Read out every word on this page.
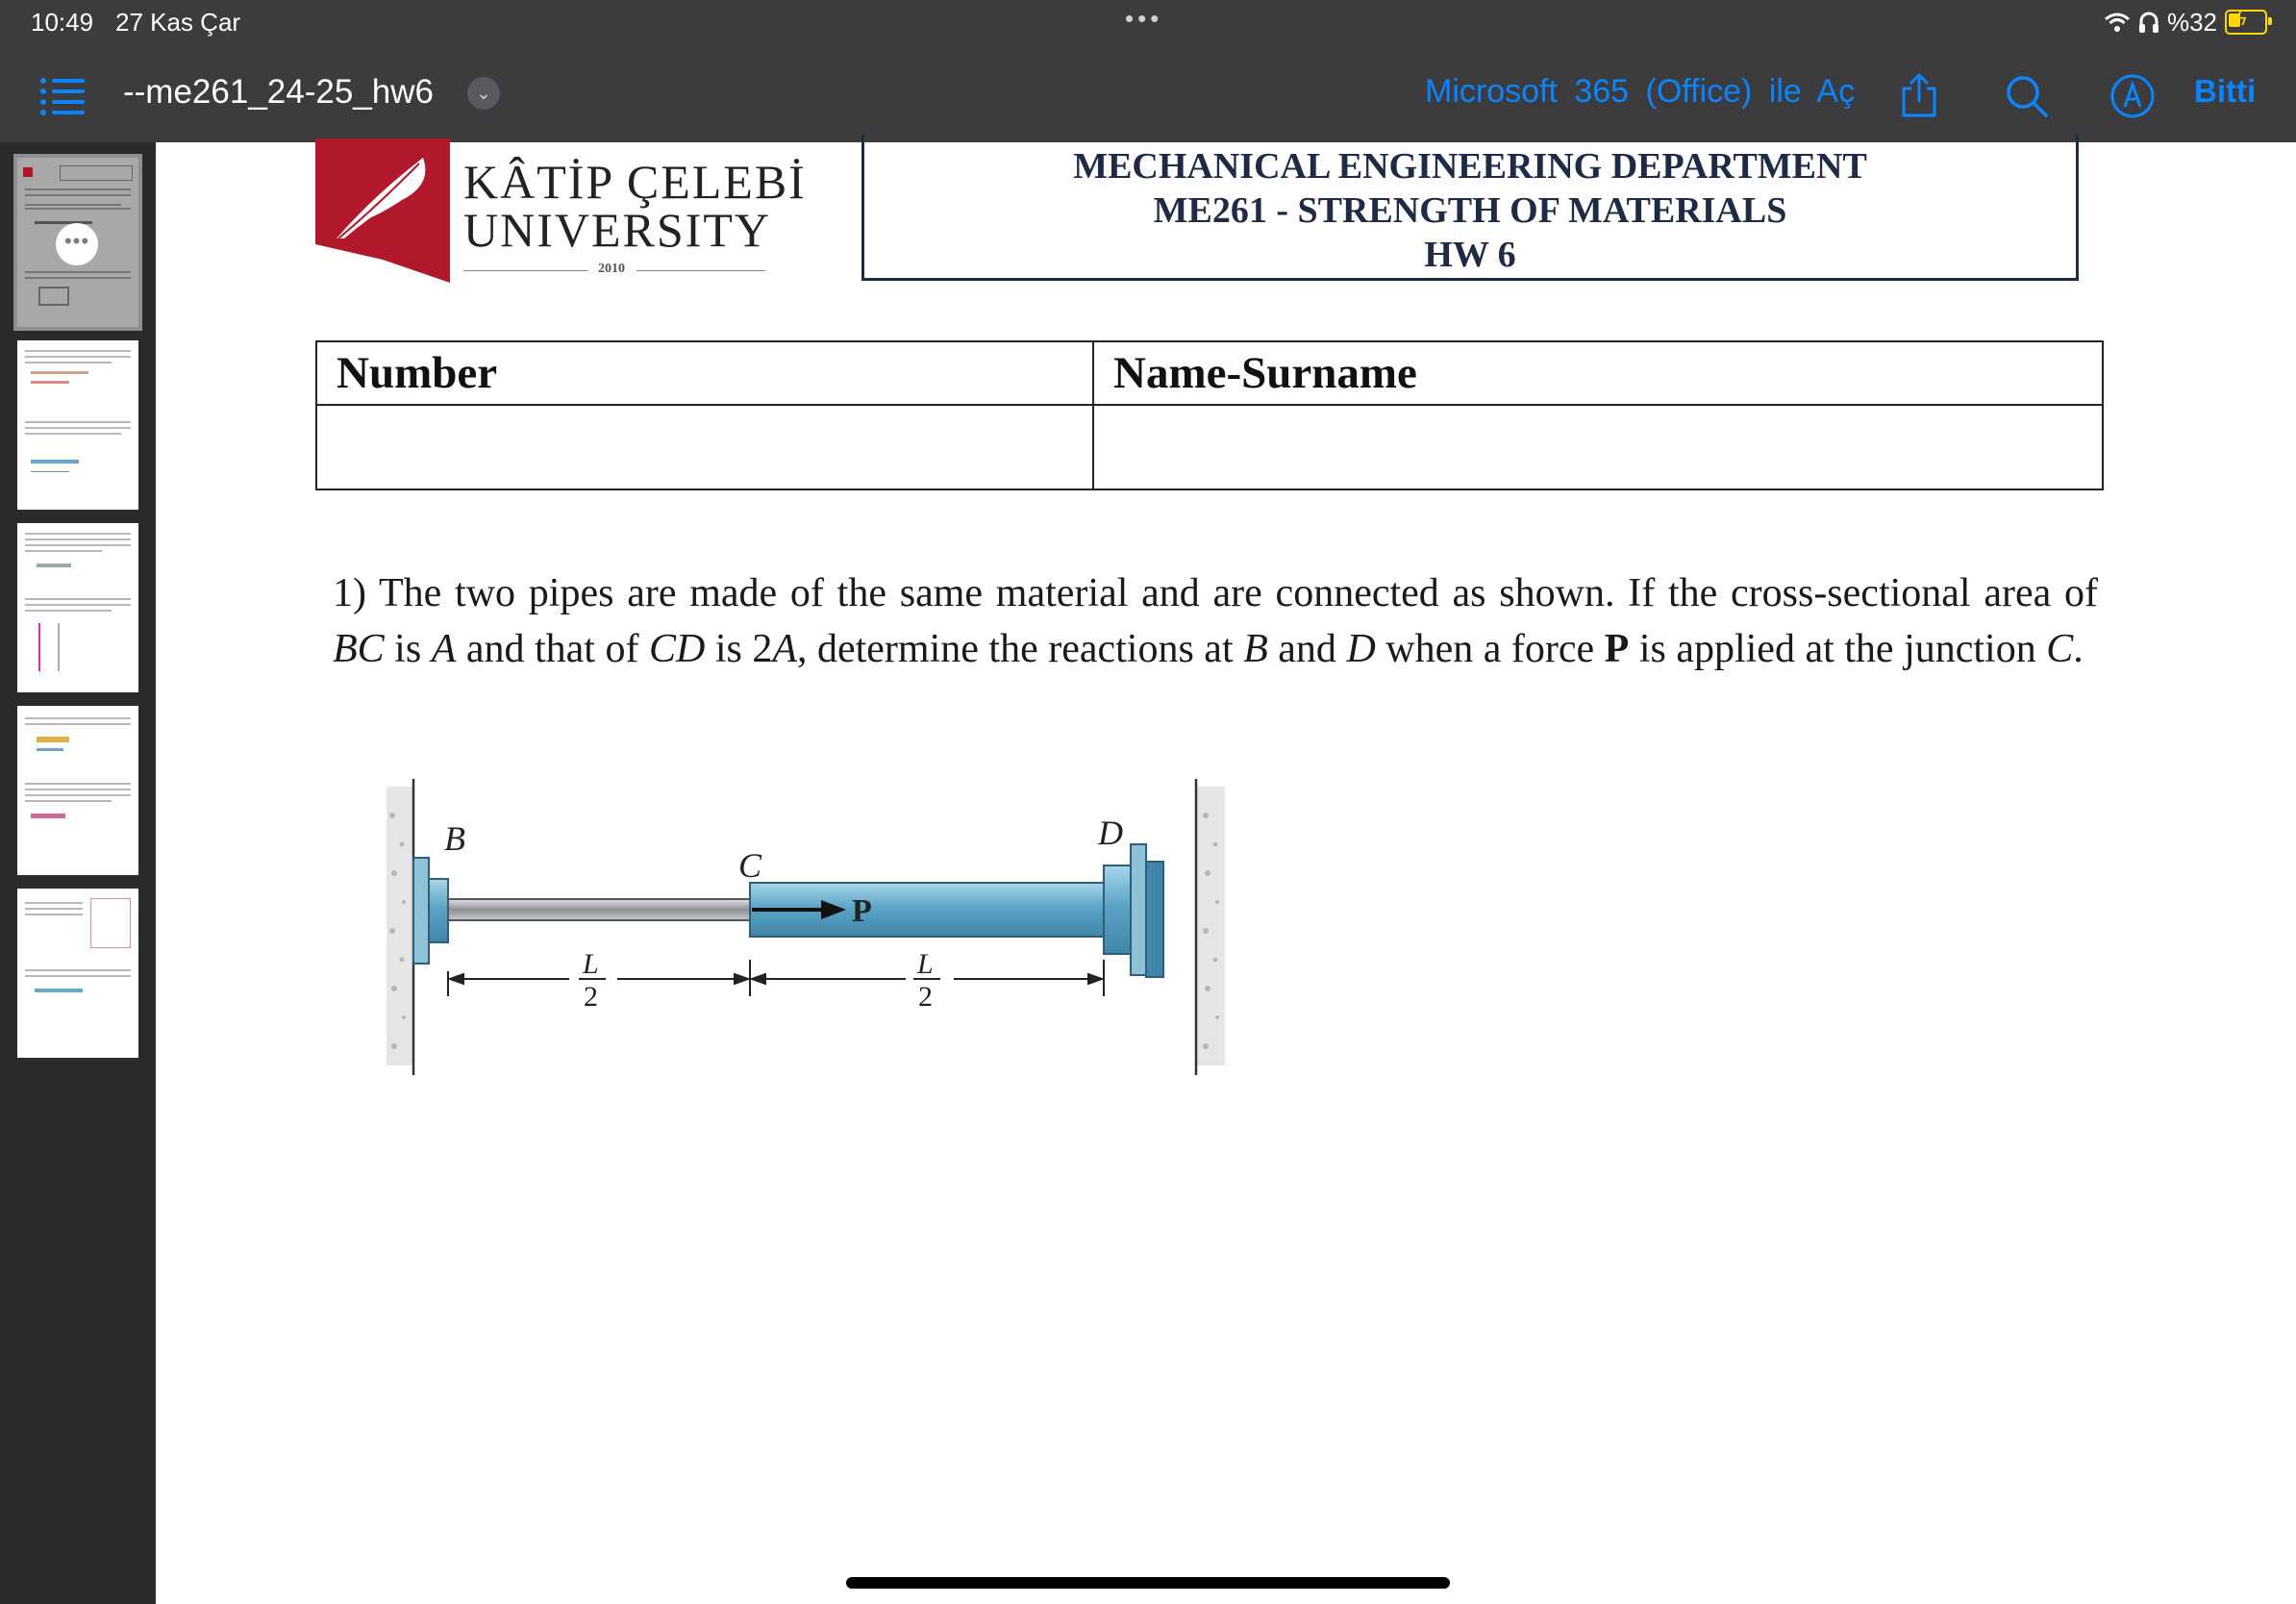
10:49 27 Kas Çar	•••	%32 ϟ
--me261_24-25_hw6	⌄	Microsoft 365 (Office) ile Aç	Bitti
•••
KÂTİP ÇELEBİ
UNIVERSITY
2010
MECHANICAL ENGINEERING DEPARTMENT
ME261 - STRENGTH OF MATERIALS
HW 6
Number	Name-Surname

1) The two pipes are made of the same material and are connected as shown. If the cross-sectional area of BC is A and that of CD is 2A, determine the reactions at B and D when a force P is applied at the junction C.
B
C
D
P
L
2
L
2
